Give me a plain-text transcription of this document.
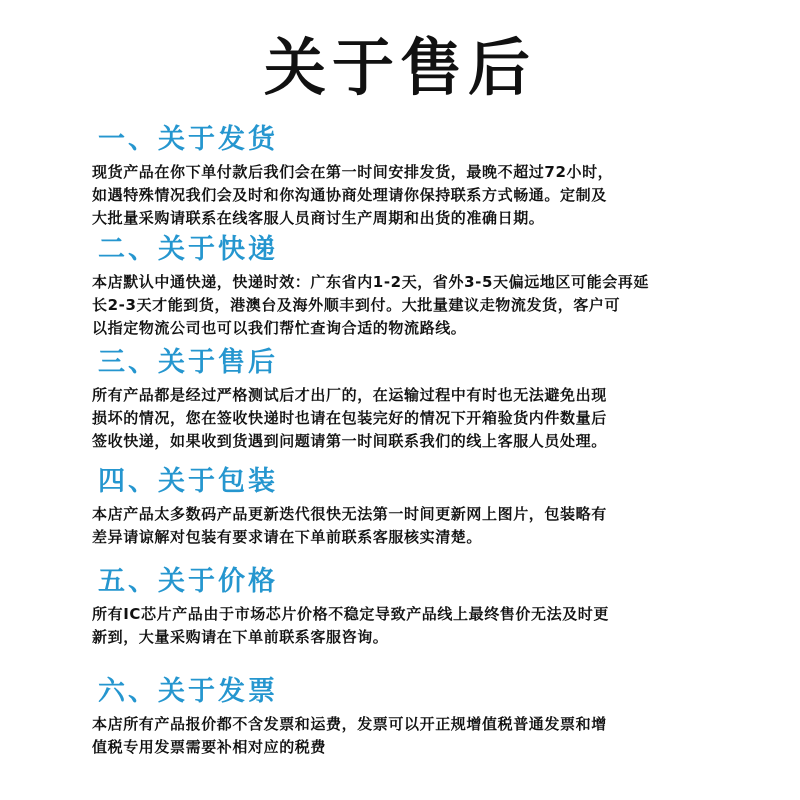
关于售后
一、关于发货

现货产品在你下单付款后我们会在第一时间安排发货，最晚不超过72小时，
如遇特殊情况我们会及时和你沟通协商处理请你保持联系方式畅通。定制及
大批量采购请联系在线客服人员商讨生产周期和出货的准确日期。

二、关于快递

本店默认中通快递，快递时效：广东省内1-2天，省外3-5天偏远地区可能会再延
长2-3天才能到货，港澳台及海外顺丰到付。大批量建议走物流发货，客户可
以指定物流公司也可以我们帮忙查询合适的物流路线。

三、关于售后

所有产品都是经过严格测试后才出厂的，在运输过程中有时也无法避免出现
损坏的情况，您在签收快递时也请在包装完好的情况下开箱验货内件数量后
签收快递，如果收到货遇到问题请第一时间联系我们的线上客服人员处理。

四、关于包装

本店产品太多数码产品更新迭代很快无法第一时间更新网上图片，包装略有
差异请谅解对包装有要求请在下单前联系客服核实清楚。

五、关于价格

所有IC芯片产品由于市场芯片价格不稳定导致产品线上最终售价无法及时更
新到，大量采购请在下单前联系客服咨询。

六、关于发票

本店所有产品报价都不含发票和运费，发票可以开正规增值税普通发票和增
值税专用发票需要补相对应的税费
